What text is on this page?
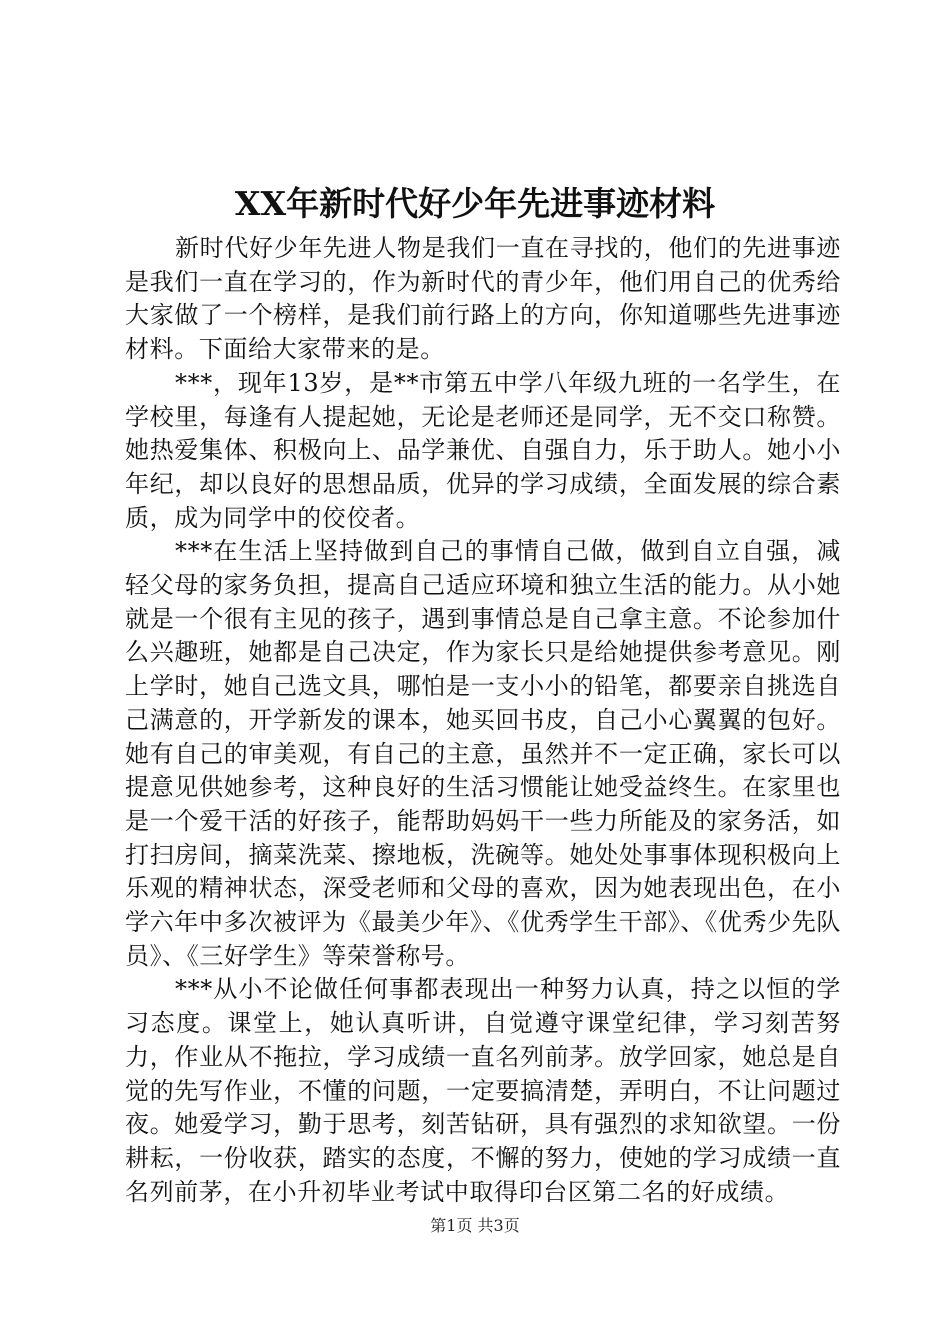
XX年新时代好少年先进事迹材料

新时代好少年先进人物是我们一直在寻找的，他们的先进事迹是我们一直在学习的，作为新时代的青少年，他们用自己的优秀给大家做了一个榜样，是我们前行路上的方向，你知道哪些先进事迹材料。下面给大家带来的是。

***，现年13岁，是**市第五中学八年级九班的一名学生，在学校里，每逢有人提起她，无论是老师还是同学，无不交口称赞。她热爱集体、积极向上、品学兼优、自强自力，乐于助人。她小小年纪，却以良好的思想品质，优异的学习成绩，全面发展的综合素质，成为同学中的佼佼者。

***在生活上坚持做到自己的事情自己做，做到自立自强，减轻父母的家务负担，提高自己适应环境和独立生活的能力。从小她就是一个很有主见的孩子，遇到事情总是自己拿主意。不论参加什么兴趣班，她都是自己决定，作为家长只是给她提供参考意见。刚上学时，她自己选文具，哪怕是一支小小的铅笔，都要亲自挑选自己满意的，开学新发的课本，她买回书皮，自己小心翼翼的包好。她有自己的审美观，有自己的主意，虽然并不一定正确，家长可以提意见供她参考，这种良好的生活习惯能让她受益终生。在家里也是一个爱干活的好孩子，能帮助妈妈干一些力所能及的家务活，如打扫房间，摘菜洗菜、擦地板，洗碗等。她处处事事体现积极向上乐观的精神状态，深受老师和父母的喜欢，因为她表现出色，在小学六年中多次被评为《最美少年》、《优秀学生干部》、《优秀少先队员》、《三好学生》等荣誉称号。

***从小不论做任何事都表现出一种努力认真，持之以恒的学习态度。课堂上，她认真听讲，自觉遵守课堂纪律，学习刻苦努力，作业从不拖拉，学习成绩一直名列前茅。放学回家，她总是自觉的先写作业，不懂的问题，一定要搞清楚，弄明白，不让问题过夜。她爱学习，勤于思考，刻苦钻研，具有强烈的求知欲望。一份耕耘，一份收获，踏实的态度，不懈的努力，使她的学习成绩一直名列前茅，在小升初毕业考试中取得印台区第二名的好成绩。

第1页 共3页
